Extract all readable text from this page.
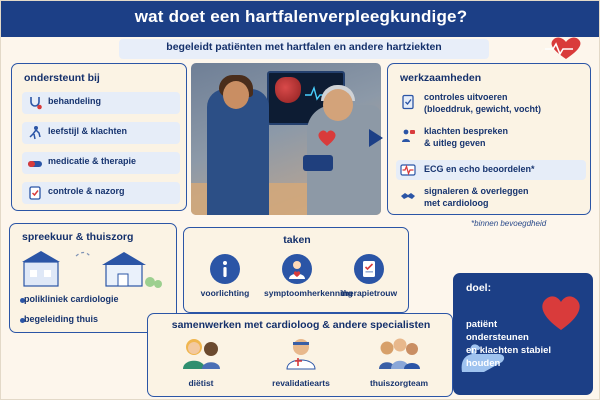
wat doet een hartfalenverpleegkundige?
begeleidt patiënten met hartfalen en andere hartziekten
ondersteunt bij
behandeling
leefstijl & klachten
medicatie & therapie
controle & nazorg
werkzaamheden
controles uitvoeren
(bloeddruk, gewicht, vocht)
klachten bespreken
& uitleg geven
ECG en echo beoordelen*
signaleren & overleggen
met cardioloog
*binnen bevoegdheid
spreekuur & thuiszorg
polikliniek cardiologie
begeleiding thuis
taken
voorlichting	symptoomherkenning
therapietrouw
samenwerken met cardioloog & andere specialisten
diëtist	revalidatiearts	thuiszorgteam
doel:
patiënt
ondersteunen
en klachten stabiel
houden
